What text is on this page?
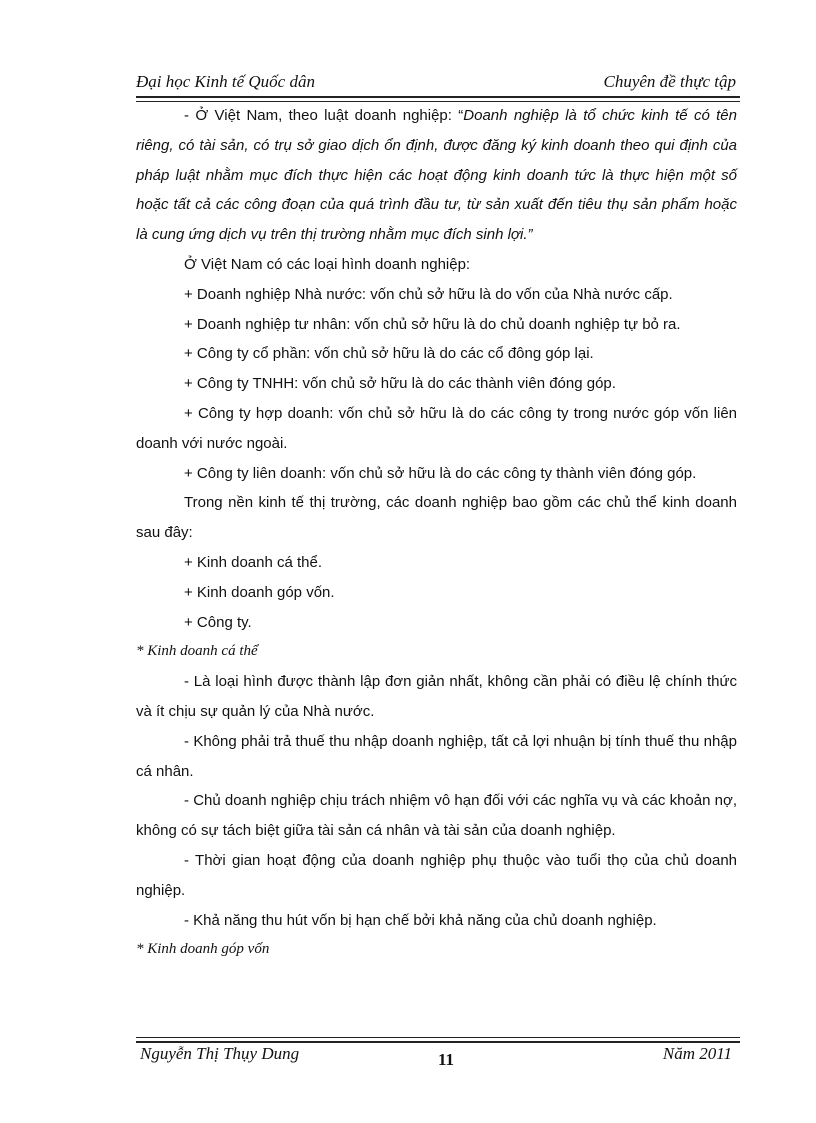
Đại học Kinh tế Quốc dân	Chuyên đề thực tập

- Ở Việt Nam, theo luật doanh nghiệp: “Doanh nghiệp là tổ chức kinh tế có tên riêng, có tài sản, có trụ sở giao dịch ổn định, được đăng ký kinh doanh theo qui định của pháp luật nhằm mục đích thực hiện các hoạt động kinh doanh tức là thực hiện một số hoặc tất cả các công đoạn của quá trình đầu tư, từ sản xuất đến tiêu thụ sản phẩm hoặc là cung ứng dịch vụ trên thị trường nhằm mục đích sinh lợi.”

Ở Việt Nam có các loại hình doanh nghiệp:

+ Doanh nghiệp Nhà nước: vốn chủ sở hữu là do vốn của Nhà nước cấp.

+ Doanh nghiệp tư nhân: vốn chủ sở hữu là do chủ doanh nghiệp tự bỏ ra.

+ Công ty cổ phần: vốn chủ sở hữu là do các cổ đông góp lại.

+ Công ty TNHH: vốn chủ sở hữu là do các thành viên đóng góp.

+ Công ty hợp doanh: vốn chủ sở hữu là do các công ty trong nước góp vốn liên doanh với nước ngoài.

+ Công ty liên doanh: vốn chủ sở hữu là do các công ty thành viên đóng góp.

Trong nền kinh tế thị trường, các doanh nghiệp bao gồm các chủ thể kinh doanh sau đây:

+ Kinh doanh cá thể.

+ Kinh doanh góp vốn.

+ Công ty.

* Kinh doanh cá thể

- Là loại hình được thành lập đơn giản nhất, không cần phải có điều lệ chính thức và ít chịu sự quản lý của Nhà nước.

- Không phải trả thuế thu nhập doanh nghiệp, tất cả lợi nhuận bị tính thuế thu nhập cá nhân.

- Chủ doanh nghiệp chịu trách nhiệm vô hạn đối với các nghĩa vụ và các khoản nợ, không có sự tách biệt giữa tài sản cá nhân và tài sản của doanh nghiệp.

- Thời gian hoạt động của doanh nghiệp phụ thuộc vào tuổi thọ của chủ doanh nghiệp.

- Khả năng thu hút vốn bị hạn chế bởi khả năng của chủ doanh nghiệp.

* Kinh doanh góp vốn

Nguyễn Thị Thụy Dung	11	Năm 2011
